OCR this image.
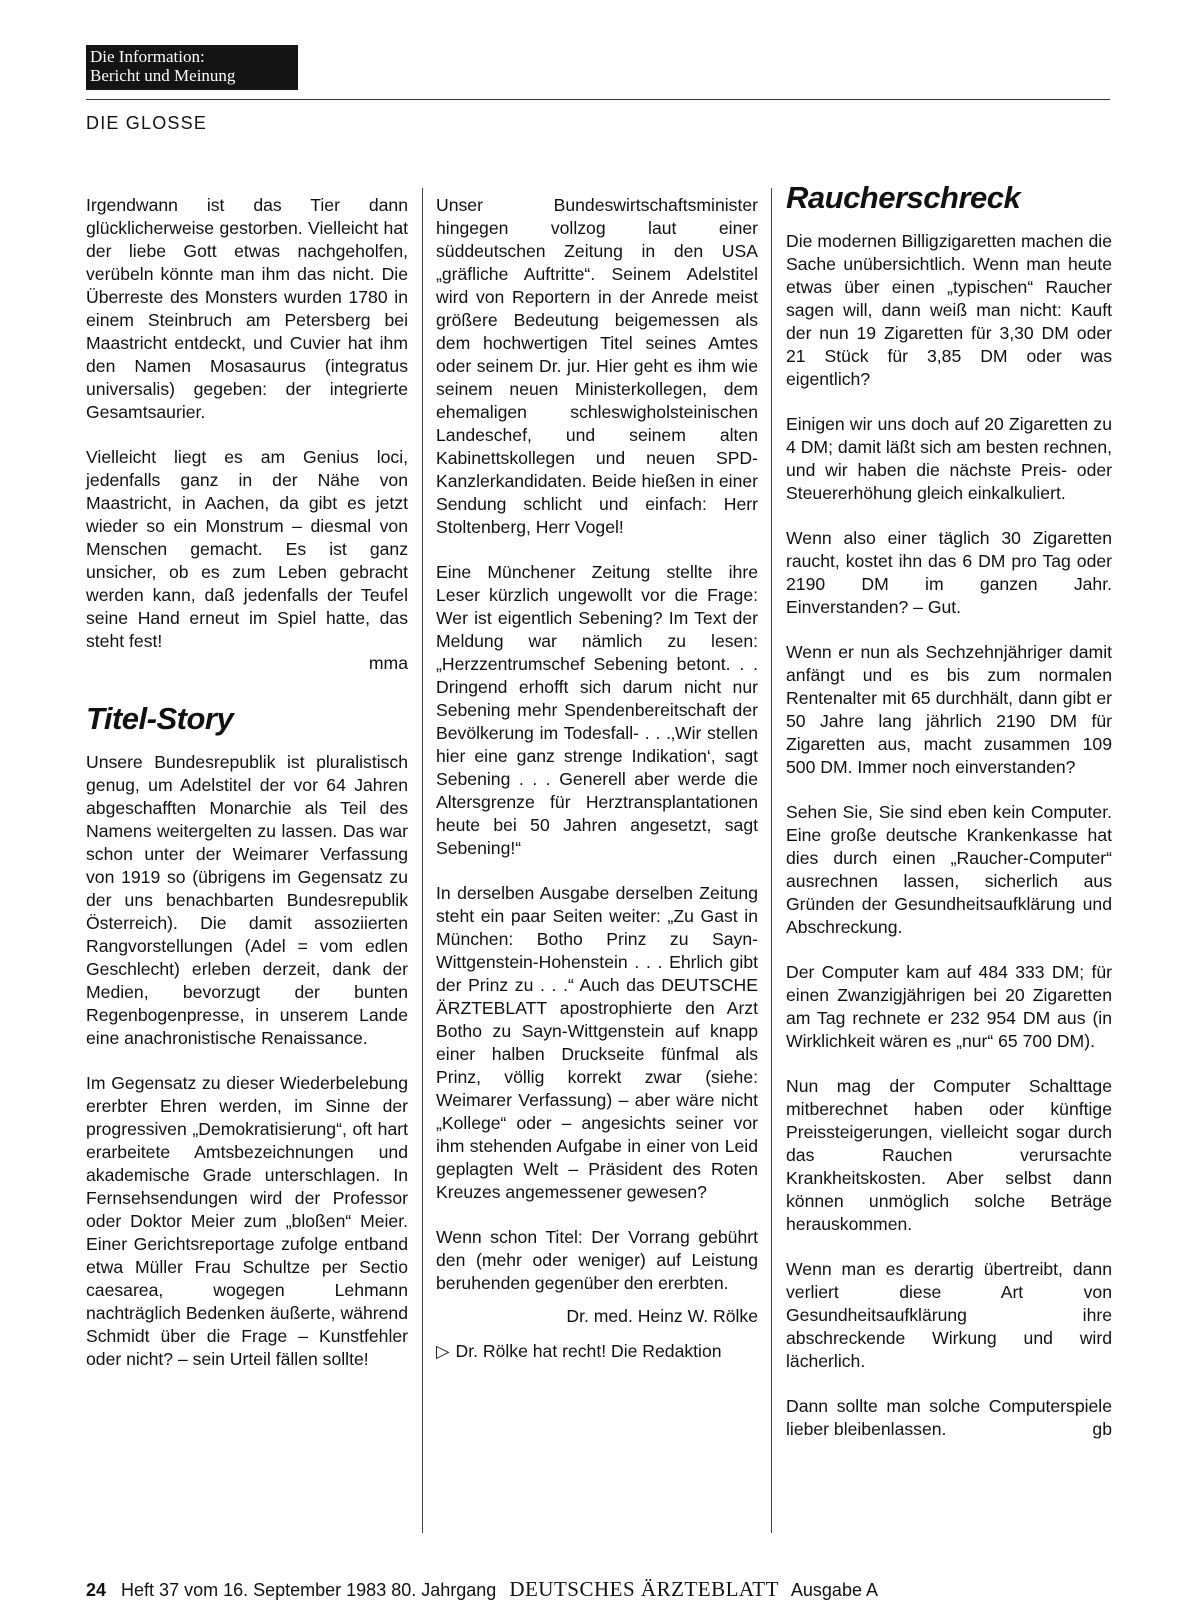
Die Information:
Bericht und Meinung
DIE GLOSSE

Irgendwann ist das Tier dann glücklicherweise gestorben. Vielleicht hat der liebe Gott etwas nachgeholfen, verübeln könnte man ihm das nicht. Die Überreste des Monsters wurden 1780 in einem Steinbruch am Petersberg bei Maastricht entdeckt, und Cuvier hat ihm den Namen Mosasaurus (integratus universalis) gegeben: der integrierte Gesamtsaurier.

Vielleicht liegt es am Genius loci, jedenfalls ganz in der Nähe von Maastricht, in Aachen, da gibt es jetzt wieder so ein Monstrum – diesmal von Menschen gemacht. Es ist ganz unsicher, ob es zum Leben gebracht werden kann, daß jedenfalls der Teufel seine Hand erneut im Spiel hatte, das steht fest!

mma

Titel-Story

Unsere Bundesrepublik ist pluralistisch genug, um Adelstitel der vor 64 Jahren abgeschafften Monarchie als Teil des Namens weitergelten zu lassen. Das war schon unter der Weimarer Verfassung von 1919 so (übrigens im Gegensatz zu der uns benachbarten Bundesrepublik Österreich). Die damit assoziierten Rangvorstellungen (Adel = vom edlen Geschlecht) erleben derzeit, dank der Medien, bevorzugt der bunten Regenbogenpresse, in unserem Lande eine anachronistische Renaissance.

Im Gegensatz zu dieser Wiederbelebung ererbter Ehren werden, im Sinne der progressiven „Demokratisierung“, oft hart erarbeitete Amtsbezeichnungen und akademische Grade unterschlagen. In Fernsehsendungen wird der Professor oder Doktor Meier zum „bloßen“ Meier. Einer Gerichtsreportage zufolge entband etwa Müller Frau Schultze per Sectio caesarea, wogegen Lehmann nachträglich Bedenken äußerte, während Schmidt über die Frage – Kunstfehler oder nicht? – sein Urteil fällen sollte!

Unser Bundeswirtschaftsminister hingegen vollzog laut einer süddeutschen Zeitung in den USA „gräfliche Auftritte“. Seinem Adelstitel wird von Reportern in der Anrede meist größere Bedeutung beigemessen als dem hochwertigen Titel seines Amtes oder seinem Dr. jur. Hier geht es ihm wie seinem neuen Ministerkollegen, dem ehemaligen schleswigholsteinischen Landeschef, und seinem alten Kabinettskollegen und neuen SPD-Kanzlerkandidaten. Beide hießen in einer Sendung schlicht und einfach: Herr Stoltenberg, Herr Vogel!

Eine Münchener Zeitung stellte ihre Leser kürzlich ungewollt vor die Frage: Wer ist eigentlich Sebening? Im Text der Meldung war nämlich zu lesen: „Herzzentrumschef Sebening betont. . . Dringend erhofft sich darum nicht nur Sebening mehr Spendenbereitschaft der Bevölkerung im Todesfall- . . .‚Wir stellen hier eine ganz strenge Indikation‘, sagt Sebening . . . Generell aber werde die Altersgrenze für Herztransplantationen heute bei 50 Jahren angesetzt, sagt Sebening!“

In derselben Ausgabe derselben Zeitung steht ein paar Seiten weiter: „Zu Gast in München: Botho Prinz zu Sayn-Wittgenstein-Hohenstein . . . Ehrlich gibt der Prinz zu . . .“ Auch das DEUTSCHE ÄRZTEBLATT apostrophierte den Arzt Botho zu Sayn-Wittgenstein auf knapp einer halben Druckseite fünfmal als Prinz, völlig korrekt zwar (siehe: Weimarer Verfassung) – aber wäre nicht „Kollege“ oder – angesichts seiner vor ihm stehenden Aufgabe in einer von Leid geplagten Welt – Präsident des Roten Kreuzes angemessener gewesen?

Wenn schon Titel: Der Vorrang gebührt den (mehr oder weniger) auf Leistung beruhenden gegenüber den ererbten.

Dr. med. Heinz W. Rölke

▷ Dr. Rölke hat recht! Die Redaktion

Raucherschreck

Die modernen Billigzigaretten machen die Sache unübersichtlich. Wenn man heute etwas über einen „typischen“ Raucher sagen will, dann weiß man nicht: Kauft der nun 19 Zigaretten für 3,30 DM oder 21 Stück für 3,85 DM oder was eigentlich?

Einigen wir uns doch auf 20 Zigaretten zu 4 DM; damit läßt sich am besten rechnen, und wir haben die nächste Preis- oder Steuererhöhung gleich einkalkuliert.

Wenn also einer täglich 30 Zigaretten raucht, kostet ihn das 6 DM pro Tag oder 2190 DM im ganzen Jahr. Einverstanden? – Gut.

Wenn er nun als Sechzehnjähriger damit anfängt und es bis zum normalen Rentenalter mit 65 durchhält, dann gibt er 50 Jahre lang jährlich 2190 DM für Zigaretten aus, macht zusammen 109 500 DM. Immer noch einverstanden?

Sehen Sie, Sie sind eben kein Computer. Eine große deutsche Krankenkasse hat dies durch einen „Raucher-Computer“ ausrechnen lassen, sicherlich aus Gründen der Gesundheitsaufklärung und Abschreckung.

Der Computer kam auf 484 333 DM; für einen Zwanzigjährigen bei 20 Zigaretten am Tag rechnete er 232 954 DM aus (in Wirklichkeit wären es „nur“ 65 700 DM).

Nun mag der Computer Schalttage mitberechnet haben oder künftige Preissteigerungen, vielleicht sogar durch das Rauchen verursachte Krankheitskosten. Aber selbst dann können unmöglich solche Beträge herauskommen.

Wenn man es derartig übertreibt, dann verliert diese Art von Gesundheitsaufklärung ihre abschreckende Wirkung und wird lächerlich.

Dann sollte man solche Computerspiele lieber bleibenlassen.	gb

24 Heft 37 vom 16. September 1983 80. Jahrgang DEUTSCHES ÄRZTEBLATT Ausgabe A
